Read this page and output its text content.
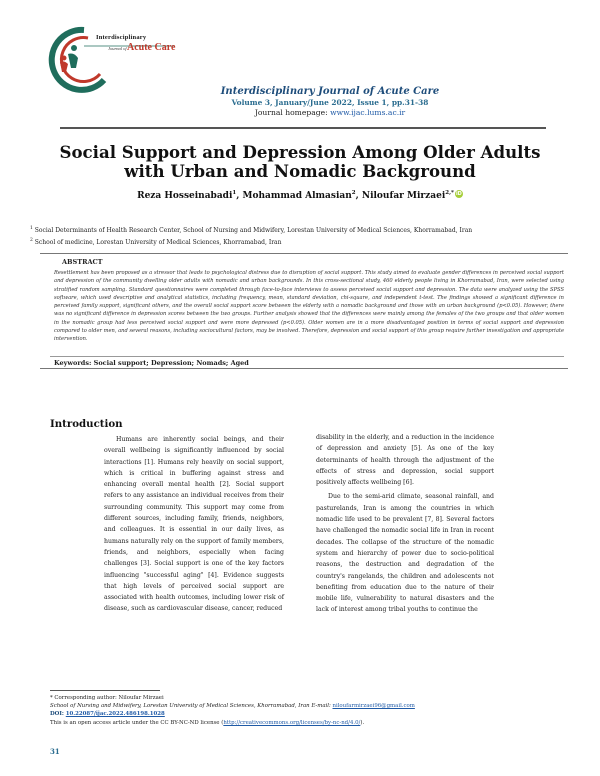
Interdisciplinary
Journal of Acute Care
Interdisciplinary Journal of Acute Care
Volume 3, January/June 2022, Issue 1, pp.31-38
Journal homepage: www.ijac.lums.ac.ir
Social Support and Depression Among Older Adults with Urban and Nomadic Background
Reza Hosseinabadi$^1$, Mohammad Almasian$^2$, Niloufar Mirzaei$^{2,*}$ iD
$^1$ Social Determinants of Health Research Center, School of Nursing and Midwifery, Lorestan University of Medical Sciences, Khorramabad, Iran
$^2$ School of medicine, Lorestan University of Medical Sciences, Khorramabad, Iran
ABSTRACT
Resettlement has been proposed as a stressor that leads to psychological distress due to disruption of social support. This study aimed to evaluate gender differences in perceived social support and depression of the community dwelling older adults with nomadic and urban backgrounds. In this cross-sectional study, 460 elderly people living in Khorramabad, Iran, were selected using stratified random sampling. Standard questionnaires were completed through face-to-face interviews to assess perceived social support and depression. The data were analyzed using the SPSS software, which used descriptive and analytical statistics, including frequency, mean, standard deviation, chi-square, and independent t-test. The findings showed a significant difference in perceived family support, significant others, and the overall social support score between the elderly with a nomadic background and those with an urban background (p<0.05). However, there was no significant difference in depression scores between the two groups. Further analysis showed that the differences were mainly among the females of the two groups and that older women in the nomadic group had less perceived social support and were more depressed (p<0.05). Older women are in a more disadvantaged position in terms of social support and depression compared to older men, and several reasons, including sociocultural factors, may be involved. Therefore, depression and social support of this group require further investigation and appropriate intervention.
Keywords: Social support; Depression; Nomads; Aged
Introduction

Humans are inherently social beings, and their overall wellbeing is significantly influenced by social interactions [1]. Humans rely heavily on social support, which is critical in buffering against stress and enhancing overall mental health [2]. Social support refers to any assistance an individual receives from their surrounding community. This support may come from different sources, including family, friends, neighbors, and colleagues. It is essential in our daily lives, as humans naturally rely on the support of family members, friends, and neighbors, especially when facing challenges [3]. Social support is one of the key factors influencing "successful aging" [4]. Evidence suggests that high levels of perceived social support are associated with health outcomes, including lower risk of disease, such as cardiovascular disease, cancer, reduced

disability in the elderly, and a reduction in the incidence of depression and anxiety [5]. As one of the key determinants of health through the adjustment of the effects of stress and depression, social support positively affects wellbeing [6].

Due to the semi-arid climate, seasonal rainfall, and pasturelands, Iran is among the countries in which nomadic life used to be prevalent [7, 8]. Several factors have challenged the nomadic social life in Iran in recent decades. The collapse of the structure of the nomadic system and hierarchy of power due to socio-political reasons, the destruction and degradation of the country's rangelands, the children and adolescents not benefiting from education due to the nature of their mobile life, vulnerability to natural disasters and the lack of interest among tribal youths to continue the

* Corresponding author: Niloufar Mirzaei
School of Nursing and Midwifery, Lorestan University of Medical Sciences, Khorramabad, Iran E-mail: niloufarmirzaei96@gmail.com
DOI: 10.22087/ijac.2022.486198.1028
This is an open access article under the CC BY-NC-ND license (http://creativecommons.org/licenses/by-nc-nd/4.0/).
31
